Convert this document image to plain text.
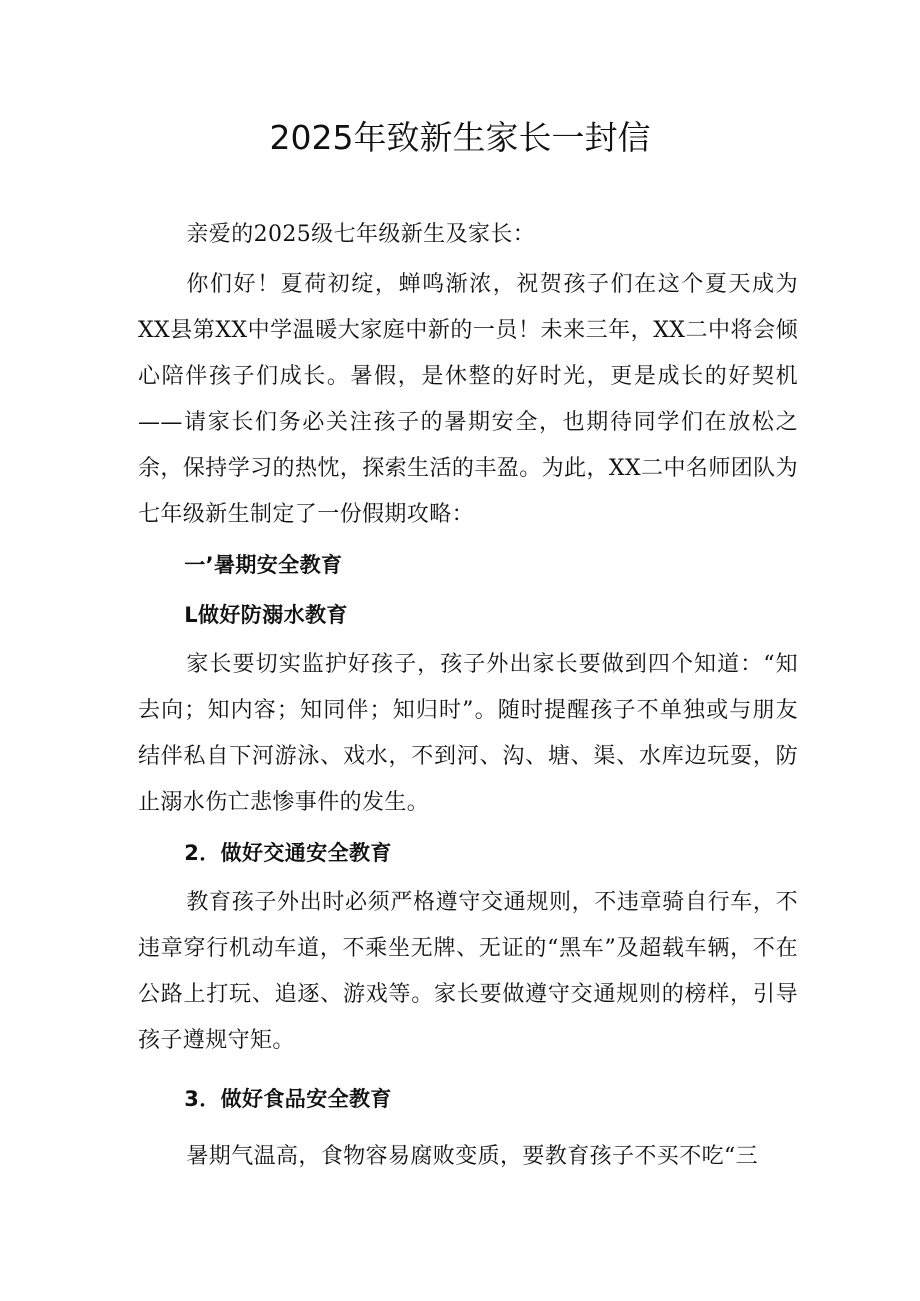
2025年致新生家长一封信

亲爱的2025级七年级新生及家长：

你们好！夏荷初绽，蝉鸣渐浓，祝贺孩子们在这个夏天成为XX县第XX中学温暖大家庭中新的一员！未来三年，XX二中将会倾心陪伴孩子们成长。暑假，是休整的好时光，更是成长的好契机——请家长们务必关注孩子的暑期安全，也期待同学们在放松之余，保持学习的热忱，探索生活的丰盈。为此，XX二中名师团队为七年级新生制定了一份假期攻略：

一’暑期安全教育

L做好防溺水教育

家长要切实监护好孩子，孩子外出家长要做到四个知道：“知去向；知内容；知同伴；知归时”。随时提醒孩子不单独或与朋友结伴私自下河游泳、戏水，不到河、沟、塘、渠、水库边玩耍，防止溺水伤亡悲惨事件的发生。

2．做好交通安全教育

教育孩子外出时必须严格遵守交通规则，不违章骑自行车，不违章穿行机动车道，不乘坐无牌、无证的“黑车”及超载车辆，不在公路上打玩、追逐、游戏等。家长要做遵守交通规则的榜样，引导孩子遵规守矩。

3．做好食品安全教育

暑期气温高，食物容易腐败变质，要教育孩子不买不吃“三
